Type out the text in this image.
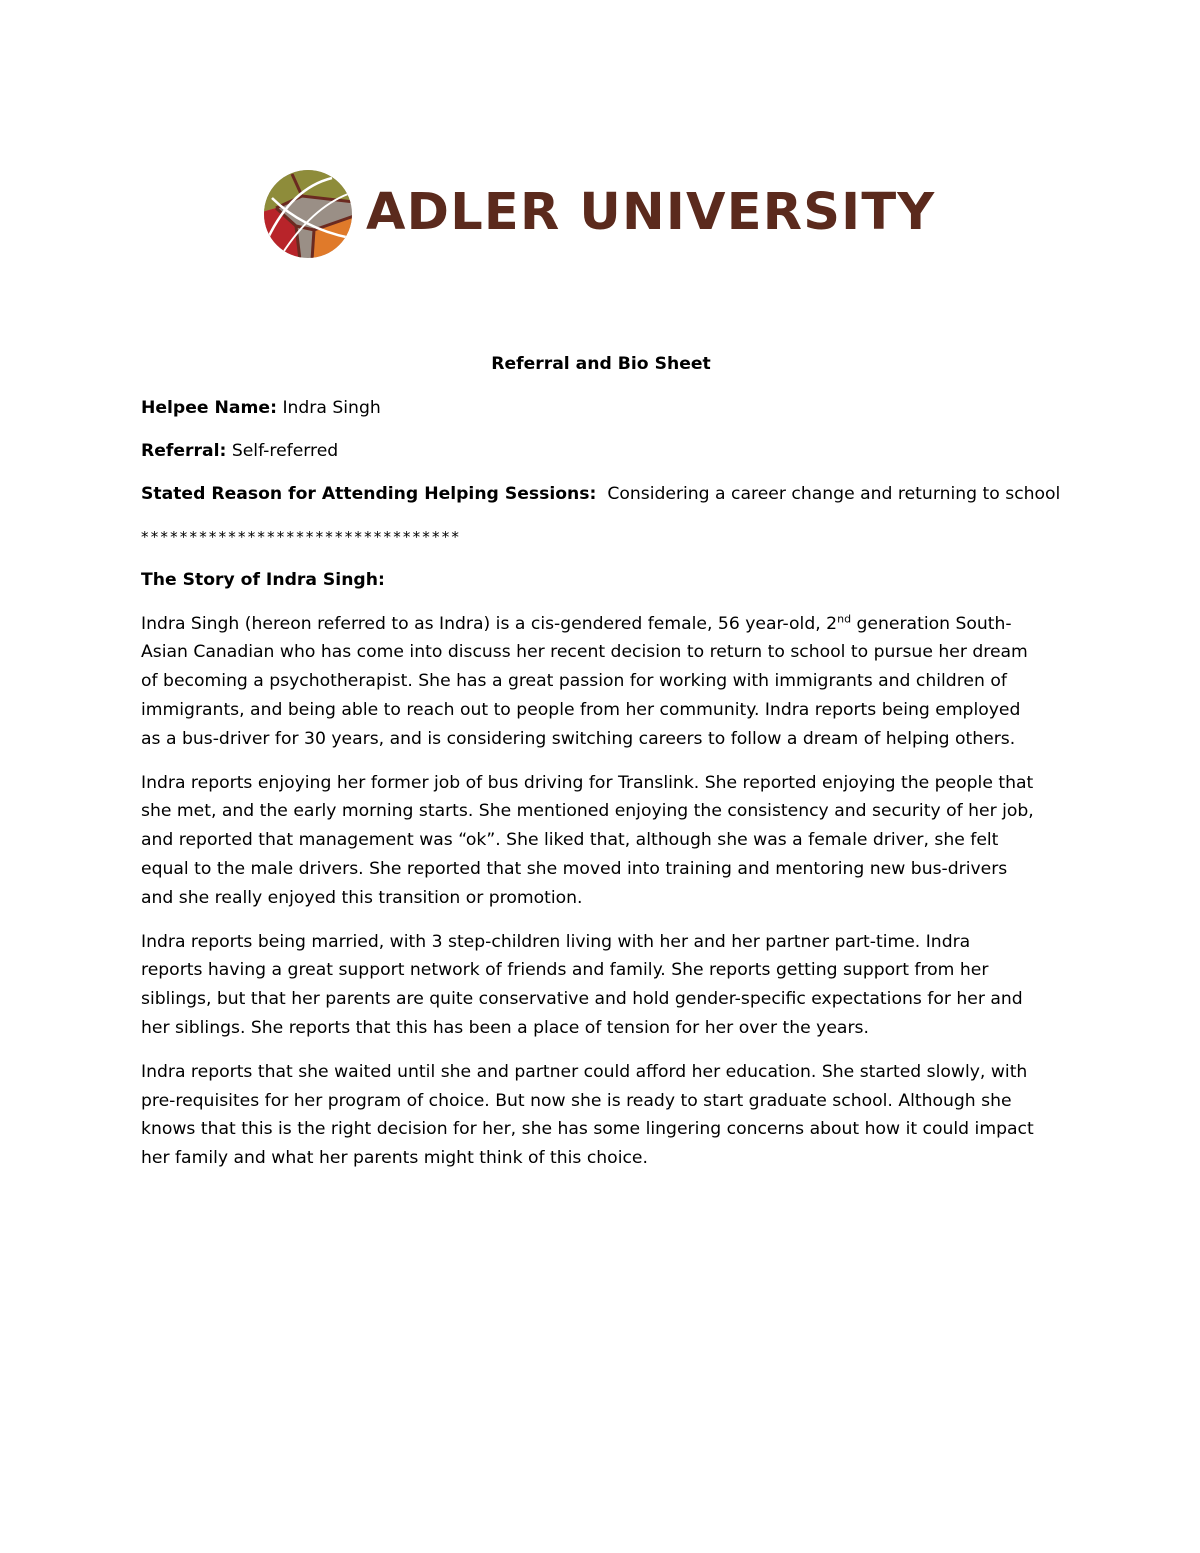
ADLER UNIVERSITY
Referral and Bio Sheet
Helpee Name: Indra Singh
Referral: Self-referred
Stated Reason for Attending Helping Sessions: Considering a career change and returning to school
*********************************
The Story of Indra Singh:
Indra Singh (hereon referred to as Indra) is a cis-gendered female, 56 year-old, 2nd generation South-
Asian Canadian who has come into discuss her recent decision to return to school to pursue her dream
of becoming a psychotherapist. She has a great passion for working with immigrants and children of
immigrants, and being able to reach out to people from her community. Indra reports being employed
as a bus-driver for 30 years, and is considering switching careers to follow a dream of helping others.
Indra reports enjoying her former job of bus driving for Translink. She reported enjoying the people that
she met, and the early morning starts. She mentioned enjoying the consistency and security of her job,
and reported that management was “ok”. She liked that, although she was a female driver, she felt
equal to the male drivers. She reported that she moved into training and mentoring new bus-drivers
and she really enjoyed this transition or promotion.
Indra reports being married, with 3 step-children living with her and her partner part-time. Indra
reports having a great support network of friends and family. She reports getting support from her
siblings, but that her parents are quite conservative and hold gender-specific expectations for her and
her siblings. She reports that this has been a place of tension for her over the years.
Indra reports that she waited until she and partner could afford her education. She started slowly, with
pre-requisites for her program of choice. But now she is ready to start graduate school. Although she
knows that this is the right decision for her, she has some lingering concerns about how it could impact
her family and what her parents might think of this choice.
